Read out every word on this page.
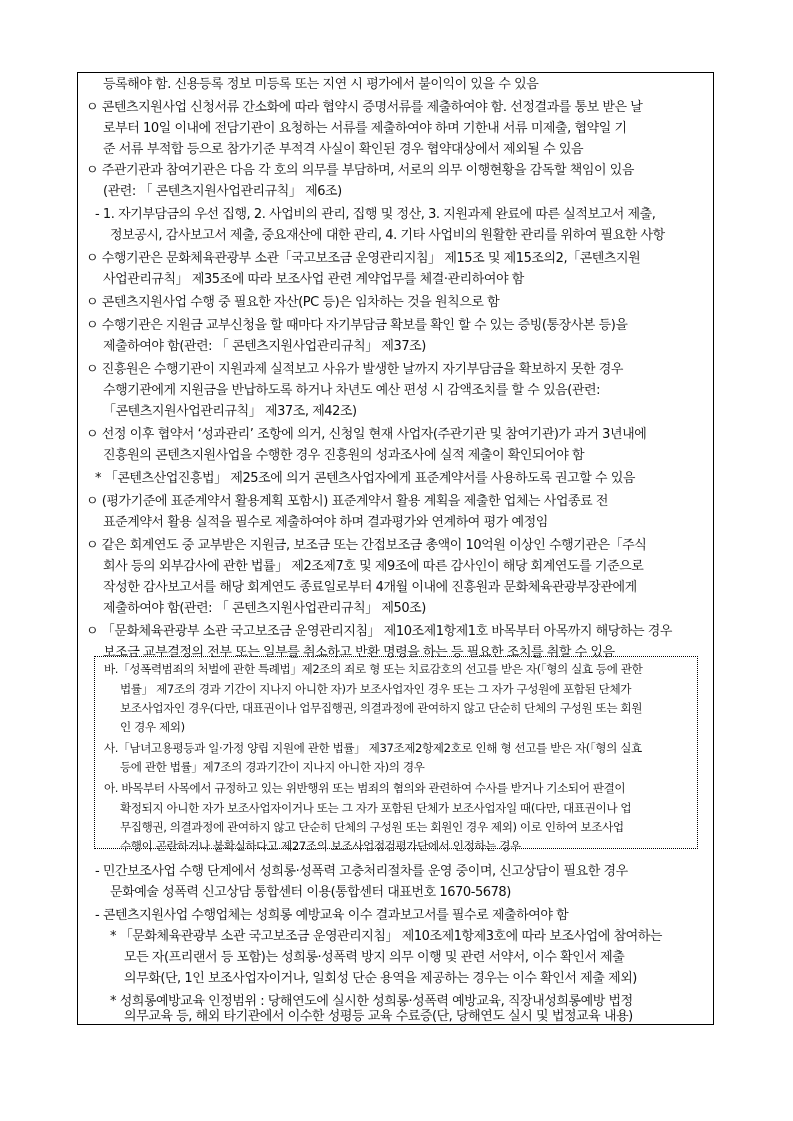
등록해야 함. 신용등록 정보 미등록 또는 지연 시 평가에서 불이익이 있을 수 있음

ㅇ 콘텐츠지원사업 신청서류 간소화에 따라 협약시 증명서류를 제출하여야 함. 선정결과를 통보 받은 날

로부터 10일 이내에 전담기관이 요청하는 서류를 제출하여야 하며 기한내 서류 미제출, 협약일 기

준 서류 부적합 등으로 참가기준 부적격 사실이 확인된 경우 협약대상에서 제외될 수 있음

ㅇ 주관기관과 참여기관은 다음 각 호의 의무를 부담하며, 서로의 의무 이행현황을 감독할 책임이 있음

(관련: 「 콘텐츠지원사업관리규칙」 제6조)

- 1. 자기부담금의 우선 집행, 2. 사업비의 관리, 집행 및 정산, 3. 지원과제 완료에 따른 실적보고서 제출,

정보공시, 감사보고서 제출, 중요재산에 대한 관리, 4. 기타 사업비의 원활한 관리를 위하여 필요한 사항

ㅇ 수행기관은 문화체육관광부 소관「국고보조금 운영관리지침」 제15조 및 제15조의2,「콘텐츠지원

사업관리규칙」 제35조에 따라 보조사업 관련 계약업무를 체결·관리하여야 함

ㅇ 콘텐츠지원사업 수행 중 필요한 자산(PC 등)은 임차하는 것을 원칙으로 함

ㅇ 수행기관은 지원금 교부신청을 할 때마다 자기부담금 확보를 확인 할 수 있는 증빙(통장사본 등)을

제출하여야 함(관련: 「 콘텐츠지원사업관리규칙」 제37조)

ㅇ 진흥원은 수행기관이 지원과제 실적보고 사유가 발생한 날까지 자기부담금을 확보하지 못한 경우

수행기관에게 지원금을 반납하도록 하거나 차년도 예산 편성 시 감액조치를 할 수 있음(관련:

「콘텐츠지원사업관리규칙」 제37조, 제42조)

ㅇ 선정 이후 협약서 ‘성과관리’ 조항에 의거, 신청일 현재 사업자(주관기관 및 참여기관)가 과거 3년내에

진흥원의 콘텐츠지원사업을 수행한 경우 진흥원의 성과조사에 실적 제출이 확인되어야 함

* 「콘텐츠산업진흥법」 제25조에 의거 콘텐츠사업자에게 표준계약서를 사용하도록 권고할 수 있음

ㅇ (평가기준에 표준계약서 활용계획 포함시) 표준계약서 활용 계획을 제출한 업체는 사업종료 전

표준계약서 활용 실적을 필수로 제출하여야 하며 결과평가와 연계하여 평가 예정임

ㅇ 같은 회계연도 중 교부받은 지원금, 보조금 또는 간접보조금 총액이 10억원 이상인 수행기관은「주식

회사 등의 외부감사에 관한 법률」 제2조제7호 및 제9조에 따른 감사인이 해당 회계연도를 기준으로

작성한 감사보고서를 해당 회계연도 종료일로부터 4개월 이내에 진흥원과 문화체육관광부장관에게

제출하여야 함(관련: 「 콘텐츠지원사업관리규칙」 제50조)

ㅇ 「문화체육관광부 소관 국고보조금 운영관리지침」 제10조제1항제1호 바목부터 아목까지 해당하는 경우

보조금 교부결정의 전부 또는 일부를 취소하고 반환 명령을 하는 등 필요한 조치를 취할 수 있음

바.「성폭력범죄의 처벌에 관한 특례법」제2조의 죄로 형 또는 치료감호의 선고를 받은 자(「형의 실효 등에 관한

법률」 제7조의 경과 기간이 지나지 아니한 자)가 보조사업자인 경우 또는 그 자가 구성원에 포함된 단체가

보조사업자인 경우(다만, 대표권이나 업무집행권, 의결과정에 관여하지 않고 단순히 단체의 구성원 또는 회원

인 경우 제외)

사.「남녀고용평등과 일·가정 양립 지원에 관한 법률」 제37조제2항제2호로 인해 형 선고를 받은 자(「형의 실효

등에 관한 법률」제7조의 경과기간이 지나지 아니한 자)의 경우

아. 바목부터 사목에서 규정하고 있는 위반행위 또는 범죄의 혐의와 관련하여 수사를 받거나 기소되어 판결이

확정되지 아니한 자가 보조사업자이거나 또는 그 자가 포함된 단체가 보조사업자일 때(다만, 대표권이나 업

무집행권, 의결과정에 관여하지 않고 단순히 단체의 구성원 또는 회원인 경우 제외) 이로 인하여 보조사업

수행이 곤란하거나 불확실하다고 제27조의 보조사업점검평가단에서 인정하는 경우

- 민간보조사업 수행 단계에서 성희롱·성폭력 고충처리절차를 운영 중이며, 신고상담이 필요한 경우

문화예술 성폭력 신고상담 통합센터 이용(통합센터 대표번호 1670-5678)

- 콘텐츠지원사업 수행업체는 성희롱 예방교육 이수 결과보고서를 필수로 제출하여야 함

* 「문화체육관광부 소관 국고보조금 운영관리지침」 제10조제1항제3호에 따라 보조사업에 참여하는

모든 자(프리랜서 등 포함)는 성희롱·성폭력 방지 의무 이행 및 관련 서약서, 이수 확인서 제출

의무화(단, 1인 보조사업자이거나, 일회성 단순 용역을 제공하는 경우는 이수 확인서 제출 제외)

* 성희롱예방교육 인정범위 : 당해연도에 실시한 성희롱·성폭력 예방교육, 직장내성희롱예방 법정

의무교육 등, 해외 타기관에서 이수한 성평등 교육 수료증(단, 당해연도 실시 및 법정교육 내용)
